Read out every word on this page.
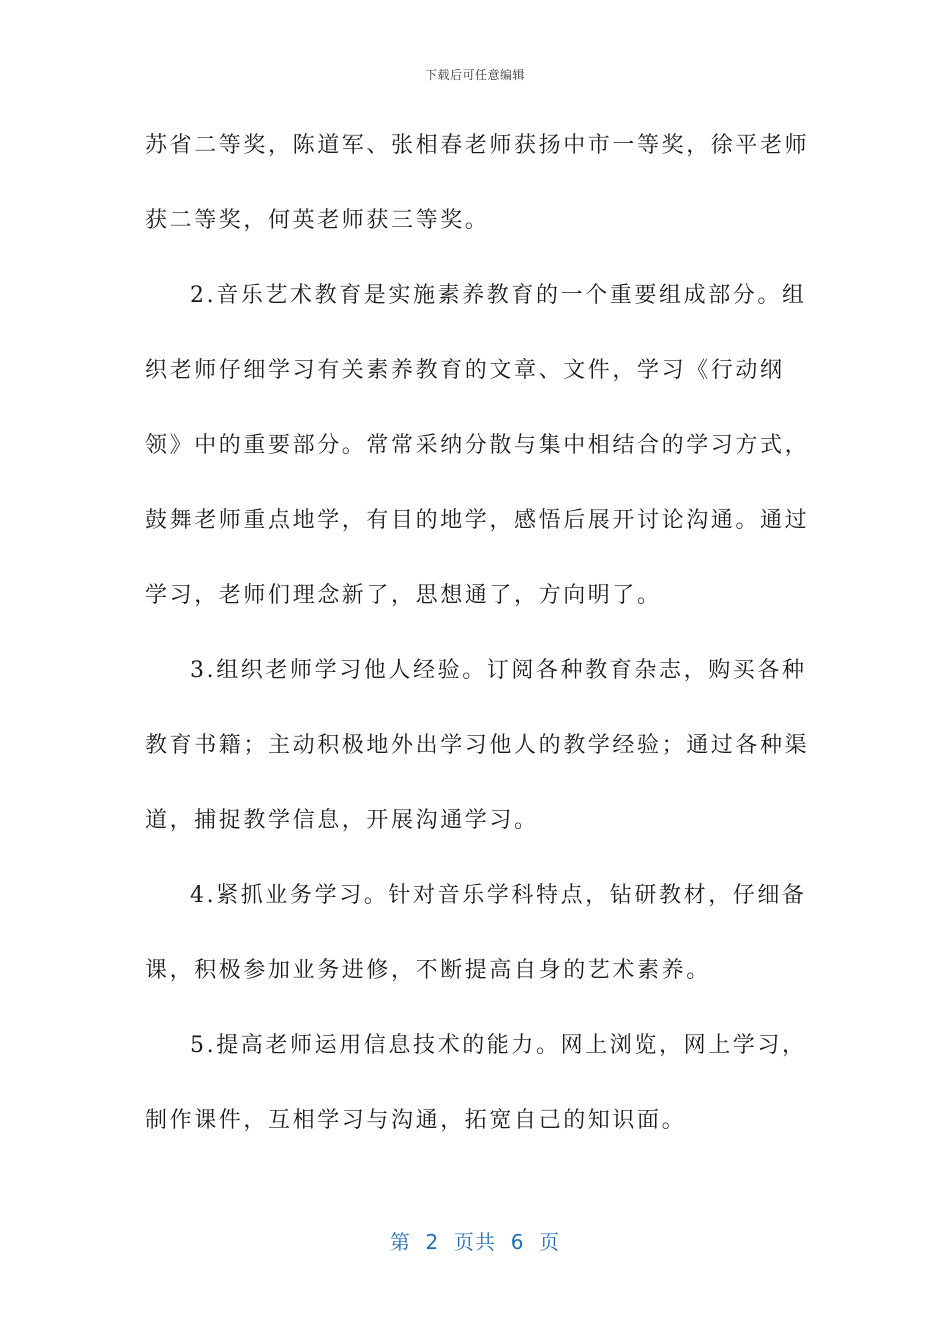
下载后可任意编辑
苏省二等奖，陈道军、张相春老师获扬中市一等奖，徐平老师
获二等奖，何英老师获三等奖。
2.音乐艺术教育是实施素养教育的一个重要组成部分。组
织老师仔细学习有关素养教育的文章、文件，学习《行动纲
领》中的重要部分。常常采纳分散与集中相结合的学习方式，
鼓舞老师重点地学，有目的地学，感悟后展开讨论沟通。通过
学习，老师们理念新了，思想通了，方向明了。
3.组织老师学习他人经验。订阅各种教育杂志，购买各种
教育书籍；主动积极地外出学习他人的教学经验；通过各种渠
道，捕捉教学信息，开展沟通学习。
4.紧抓业务学习。针对音乐学科特点，钻研教材，仔细备
课，积极参加业务进修，不断提高自身的艺术素养。
5.提高老师运用信息技术的能力。网上浏览，网上学习，
制作课件，互相学习与沟通，拓宽自己的知识面。
第  2  页共  6  页
